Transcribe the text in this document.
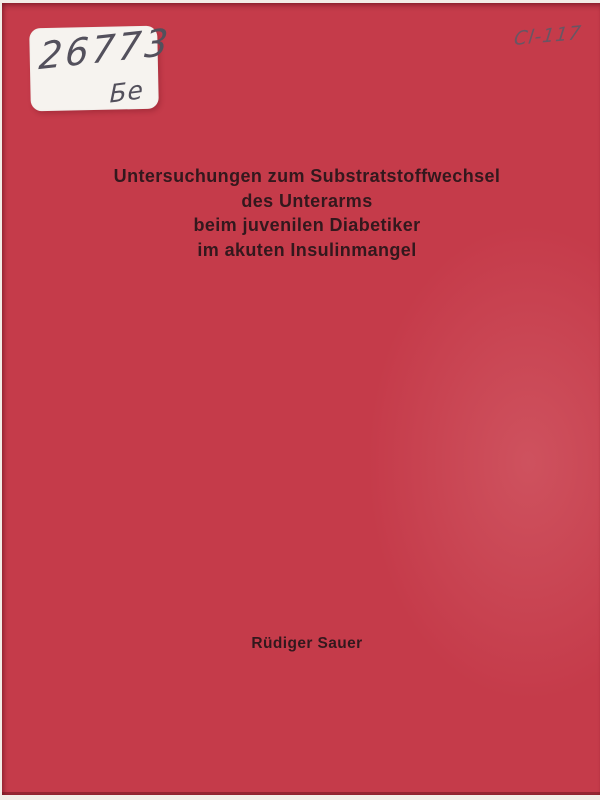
26773
Бе
Cl-117
Untersuchungen zum Substratstoffwechsel
des Unterarms
beim juvenilen Diabetiker
im akuten Insulinmangel
Rüdiger Sauer
